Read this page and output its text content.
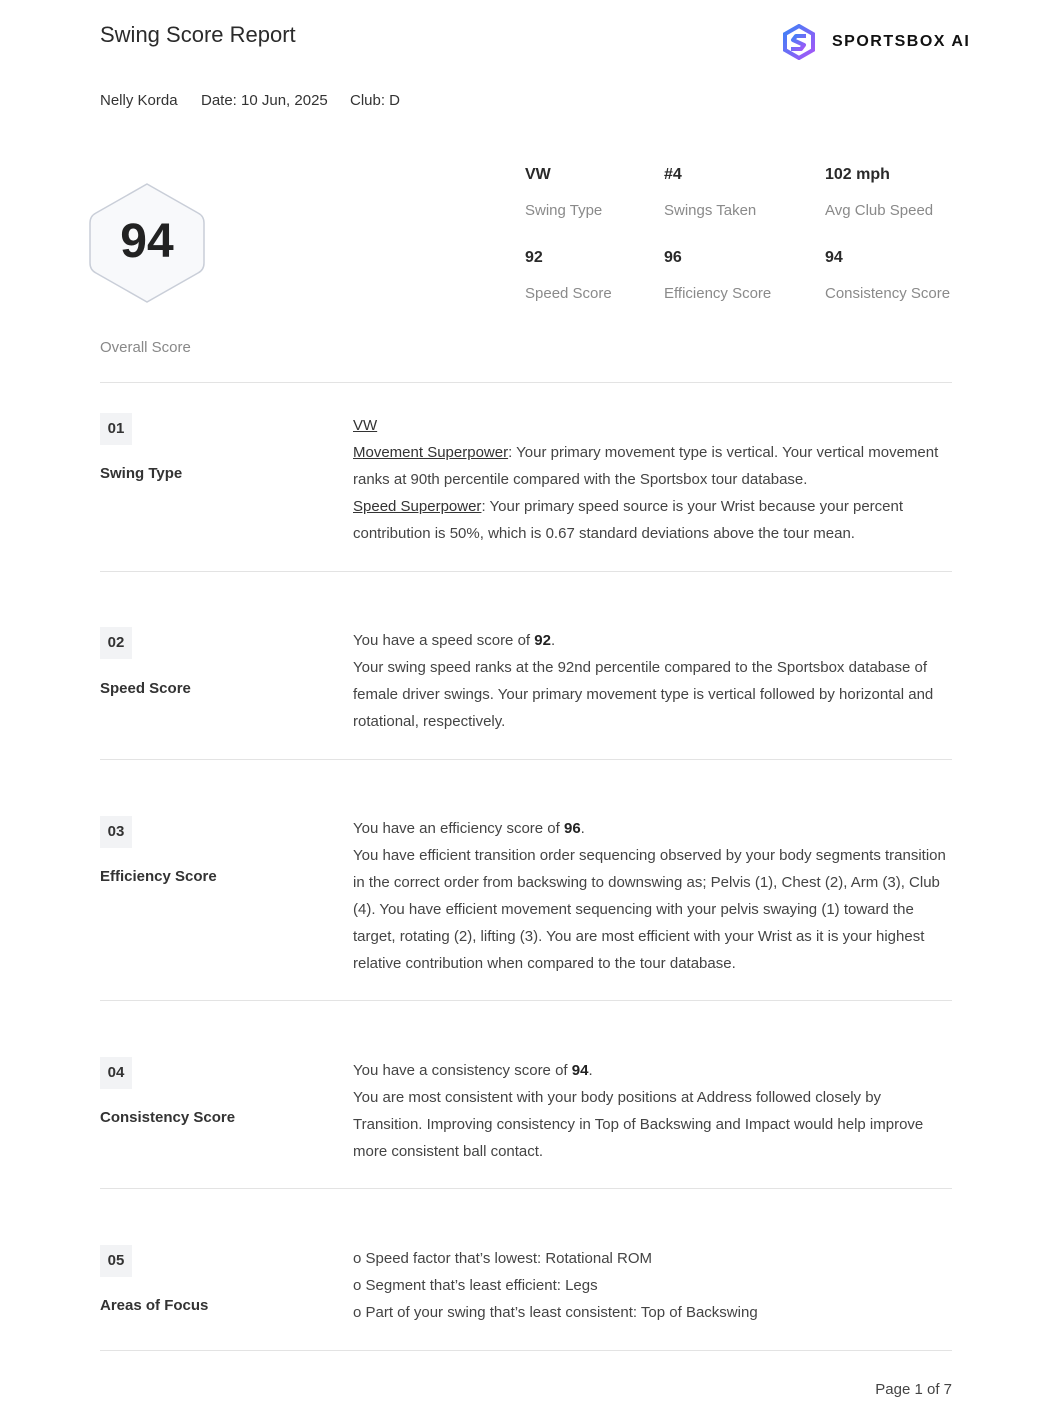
Swing Score Report	SPORTSBOX AI
Nelly Korda Date: 10 Jun, 2025 Club: D
94
Overall Score
VW
Swing Type
#4
Swings Taken
102 mph
Avg Club Speed
92
Speed Score
96
Efficiency Score
94
Consistency Score
01
Swing Type
VW
Movement Superpower: Your primary movement type is vertical. Your vertical movement ranks at 90th percentile compared with the Sportsbox tour database.
Speed Superpower: Your primary speed source is your Wrist because your percent contribution is 50%, which is 0.67 standard deviations above the tour mean.
02
Speed Score
You have a speed score of 92.
Your swing speed ranks at the 92nd percentile compared to the Sportsbox database of female driver swings. Your primary movement type is vertical followed by horizontal and rotational, respectively.
03
Efficiency Score
You have an efficiency score of 96.
You have efficient transition order sequencing observed by your body segments transition in the correct order from backswing to downswing as; Pelvis (1), Chest (2), Arm (3), Club (4). You have efficient movement sequencing with your pelvis swaying (1) toward the target, rotating (2), lifting (3). You are most efficient with your Wrist as it is your highest relative contribution when compared to the tour database.
04
Consistency Score
You have a consistency score of 94.
You are most consistent with your body positions at Address followed closely by Transition. Improving consistency in Top of Backswing and Impact would help improve more consistent ball contact.
05
Areas of Focus
o Speed factor that’s lowest: Rotational ROM
o Segment that’s least efficient: Legs
o Part of your swing that’s least consistent: Top of Backswing
Page 1 of 7
